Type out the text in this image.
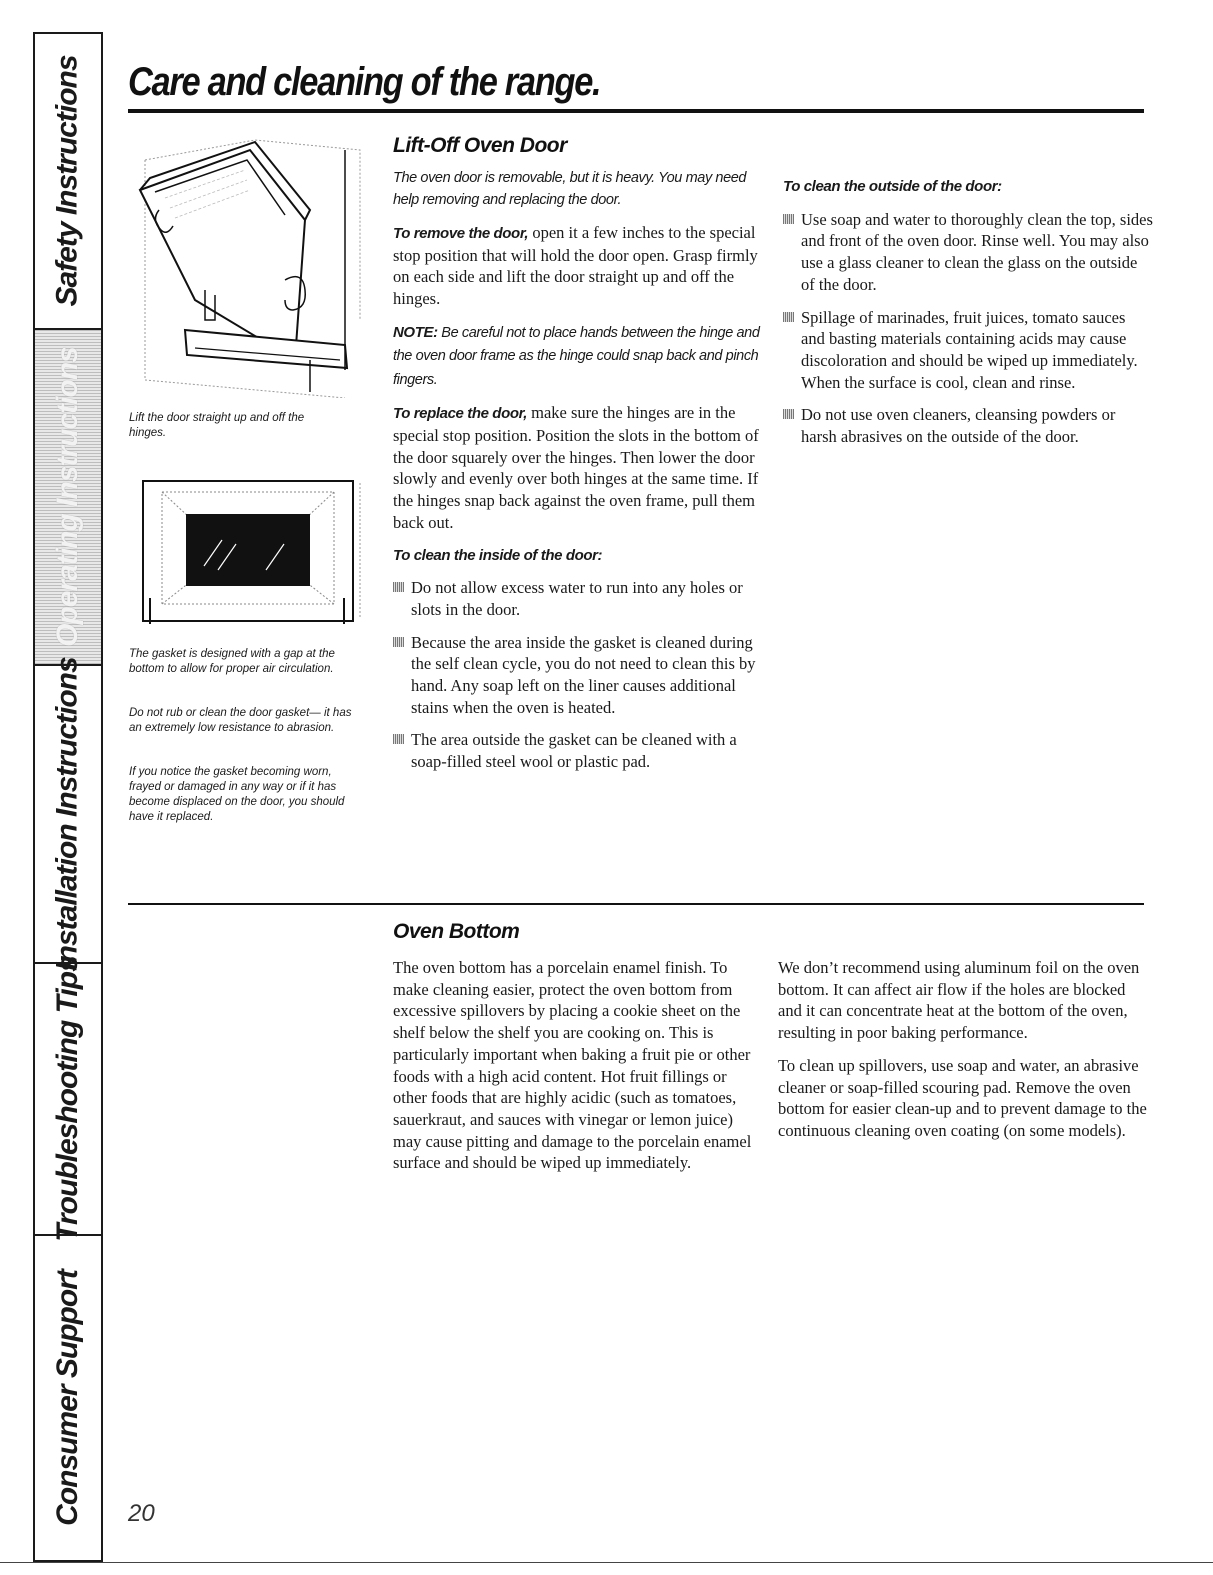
Safety Instructions
Operating Instructions
Installation Instructions
Troubleshooting Tips
Consumer Support
Care and cleaning of the range.
Lift the door straight up and off the hinges.
The gasket is designed with a gap at the bottom to allow for proper air circulation.
Do not rub or clean the door gasket— it has an extremely low resistance to abrasion.
If you notice the gasket becoming worn, frayed or damaged in any way or if it has become displaced on the door, you should have it replaced.
Lift-Off Oven Door

The oven door is removable, but it is heavy. You may need help removing and replacing the door.

To remove the door, open it a few inches to the special stop position that will hold the door open. Grasp firmly on each side and lift the door straight up and off the hinges.

NOTE: Be careful not to place hands between the hinge and the oven door frame as the hinge could snap back and pinch fingers.

To replace the door, make sure the hinges are in the special stop position. Position the slots in the bottom of the door squarely over the hinges. Then lower the door slowly and evenly over both hinges at the same time. If the hinges snap back against the oven frame, pull them back out.

To clean the inside of the door:

Do not allow excess water to run into any holes or slots in the door.
Because the area inside the gasket is cleaned during the self clean cycle, you do not need to clean this by hand. Any soap left on the liner causes additional stains when the oven is heated.
The area outside the gasket can be cleaned with a soap-filled steel wool or plastic pad.

To clean the outside of the door:

Use soap and water to thoroughly clean the top, sides and front of the oven door. Rinse well. You may also use a glass cleaner to clean the glass on the outside of the door.
Spillage of marinades, fruit juices, tomato sauces and basting materials containing acids may cause discoloration and should be wiped up immediately. When the surface is cool, clean and rinse.
Do not use oven cleaners, cleansing powders or harsh abrasives on the outside of the door.
Oven Bottom

The oven bottom has a porcelain enamel finish. To make cleaning easier, protect the oven bottom from excessive spillovers by placing a cookie sheet on the shelf below the shelf you are cooking on. This is particularly important when baking a fruit pie or other foods with a high acid content. Hot fruit fillings or other foods that are highly acidic (such as tomatoes, sauerkraut, and sauces with vinegar or lemon juice) may cause pitting and damage to the porcelain enamel surface and should be wiped up immediately.

We don’t recommend using aluminum foil on the oven bottom. It can affect air flow if the holes are blocked and it can concentrate heat at the bottom of the oven, resulting in poor baking performance.

To clean up spillovers, use soap and water, an abrasive cleaner or soap-filled scouring pad. Remove the oven bottom for easier clean-up and to prevent damage to the continuous cleaning oven coating (on some models).

20
